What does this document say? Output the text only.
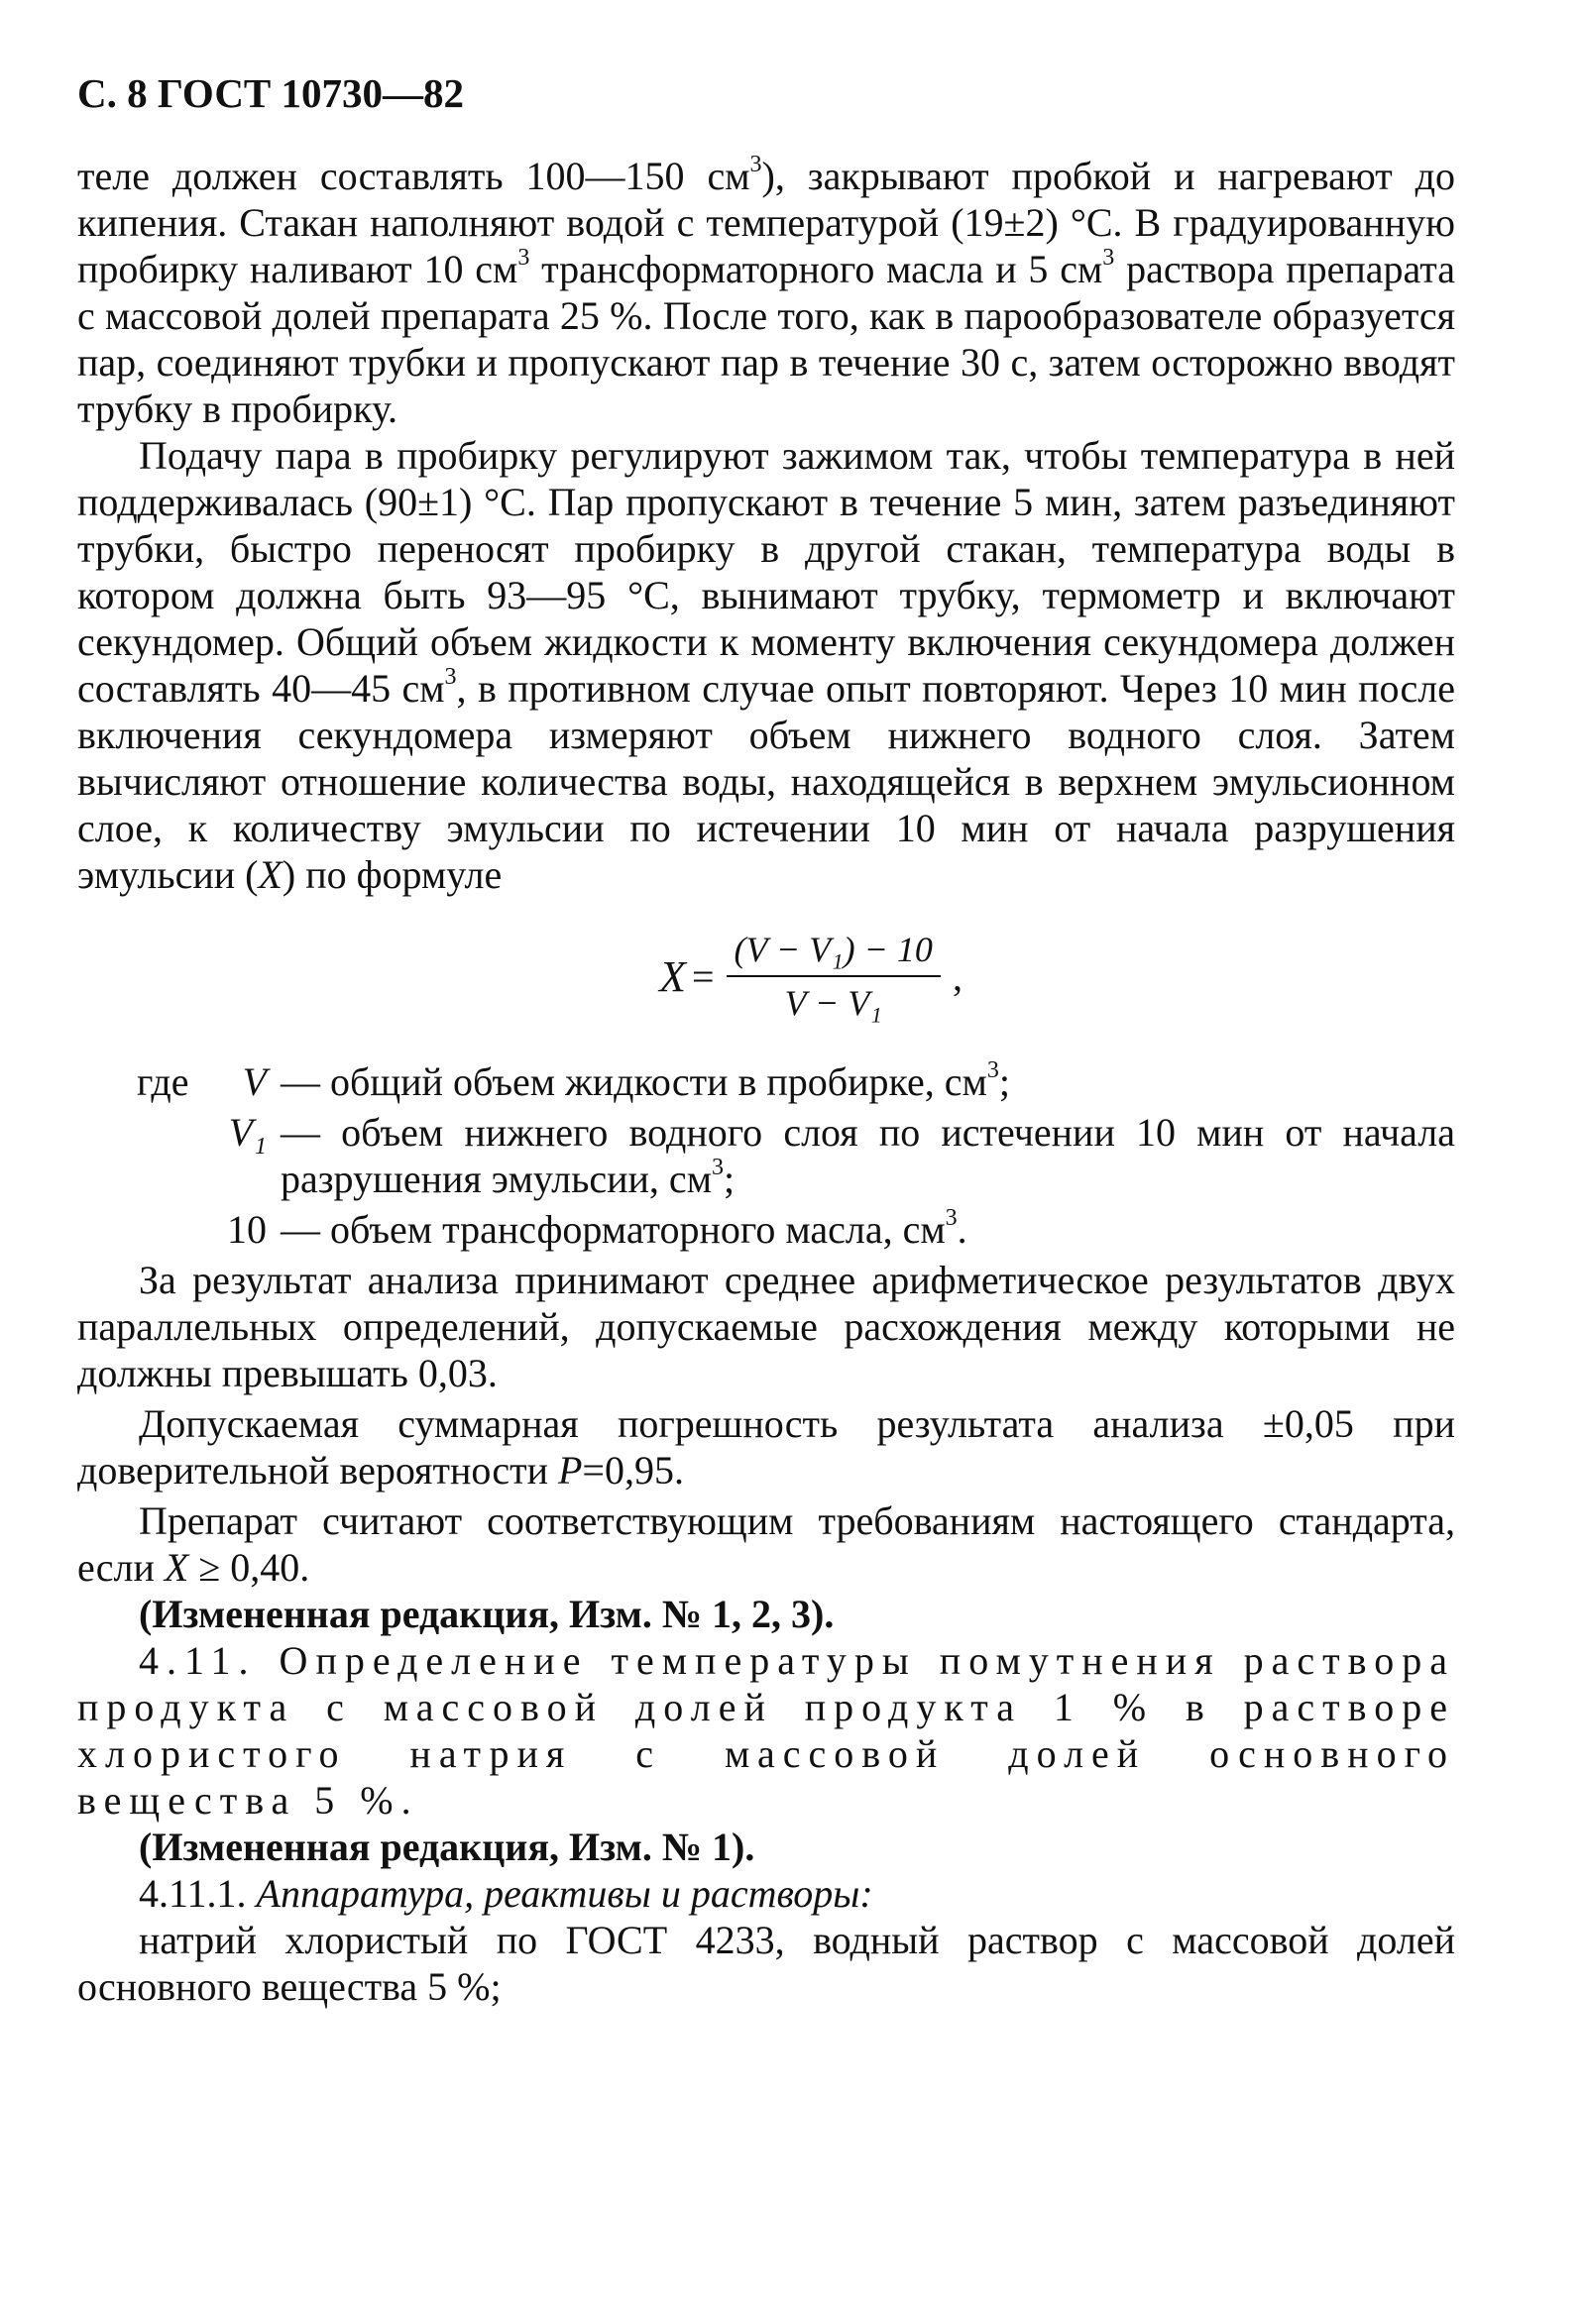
С. 8 ГОСТ 10730—82

теле должен составлять 100—150 $см^3$), закрывают пробкой и нагревают до кипения. Стакан наполняют водой с температурой (19±2) °С. В градуированную пробирку наливают 10 $см^3$ трансформаторного масла и 5 $см^3$ раствора препарата с массовой долей препарата 25 %. После того, как в парообразователе образуется пар, соединяют трубки и пропускают пар в течение 30 с, затем осторожно вводят трубку в пробирку.

Подачу пара в пробирку регулируют зажимом так, чтобы температура в ней поддерживалась (90±1) °С. Пар пропускают в течение 5 мин, затем разъединяют трубки, быстро переносят пробирку в другой стакан, температура воды в котором должна быть 93—95 °С, вынимают трубку, термометр и включают секундомер. Общий объем жидкости к моменту включения секундомера должен составлять 40—45 $см^3$, в противном случае опыт повторяют. Через 10 мин после включения секундомера измеряют объем нижнего водного слоя. Затем вычисляют отношение количества воды, находящейся в верхнем эмульсионном слое, к количеству эмульсии по истечении 10 мин от начала разрушения эмульсии (X) по формуле

$X = \frac{\text{(V − V₁) − 10}}{\text{V − V₁}}$ ,
где	V — общий объем жидкости в пробирке, $см^3$;
V₁ — объем нижнего водного слоя по истечении 10 мин от начала разрушения эмульсии, $см^3$;
10 — объем трансформаторного масла, $см^3$.

За результат анализа принимают среднее арифметическое результатов двух параллельных определений, допускаемые расхождения между которыми не должны превышать 0,03.

Допускаемая суммарная погрешность результата анализа ±0,05 при доверительной вероятности P=0,95.

Препарат считают соответствующим требованиям настоящего стандарта, если X ≥ 0,40.

(Измененная редакция, Изм. № 1, 2, 3).

4.11. Определение температуры помутнения раствора продукта с массовой долей продукта 1 % в растворе хлористого натрия с массовой долей основного вещества 5 %.

(Измененная редакция, Изм. № 1).

4.11.1. Аппаратура, реактивы и растворы:

натрий хлористый по ГОСТ 4233, водный раствор с массовой долей основного вещества 5 %;
